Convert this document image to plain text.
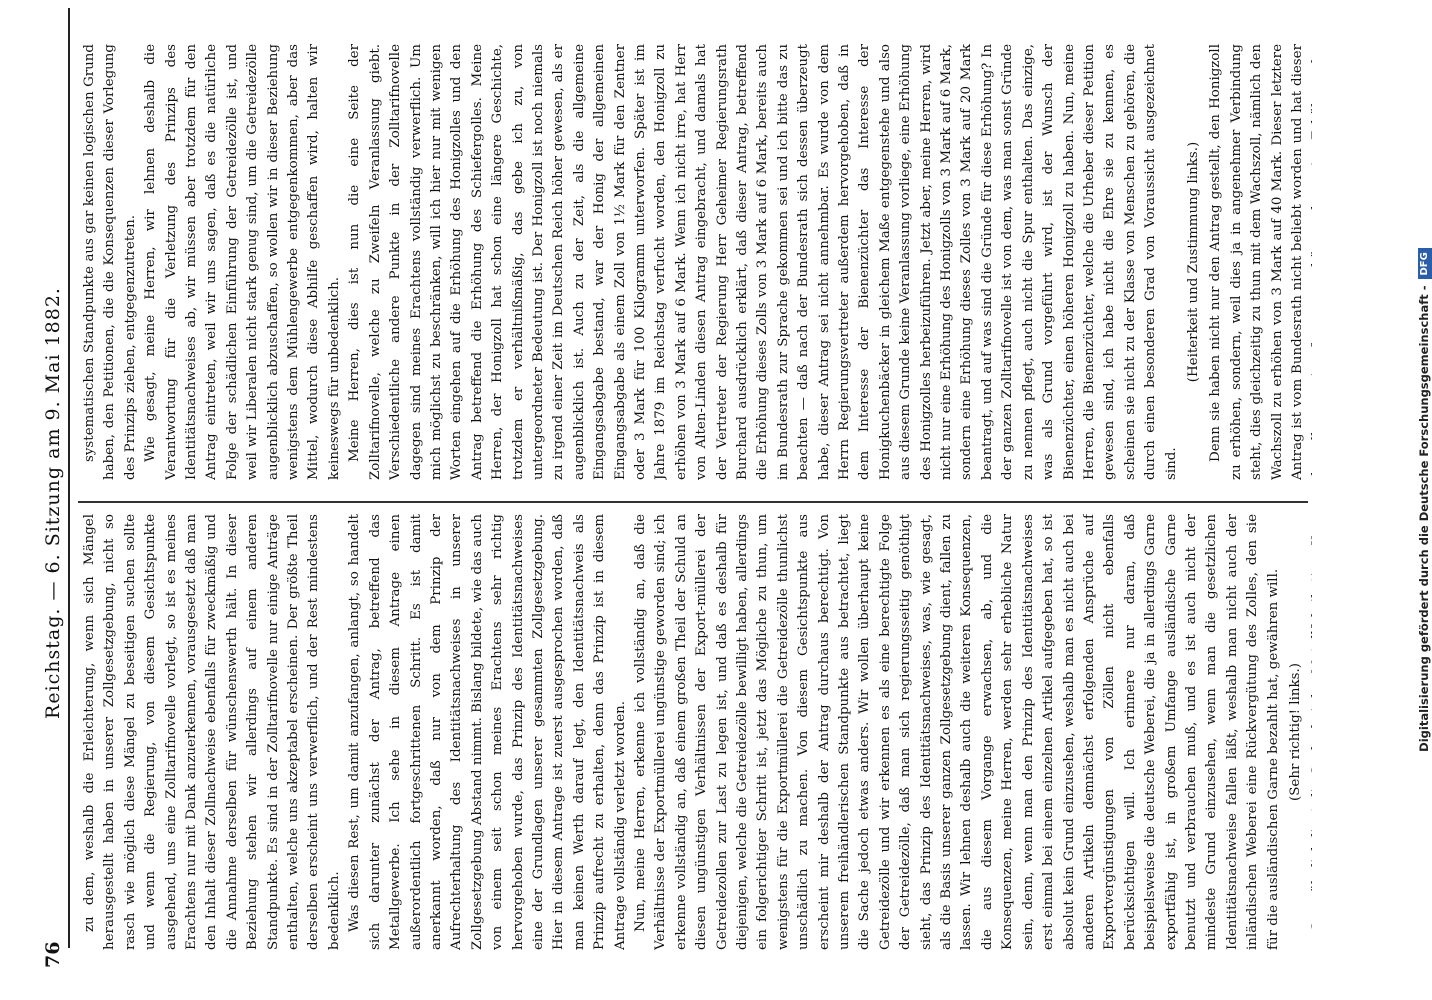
76
Reichstag. — 6. Sitzung am 9. Mai 1882.

zu dem, weshalb die Erleichterung, wenn sich Mängel herausgestellt haben in unserer Zollgesetzgebung, nicht so rasch wie möglich diese Mängel zu beseitigen suchen sollte und wenn die Regierung, von diesem Gesichtspunkte ausgehend, uns eine Zolltarifnovelle vorlegt, so ist es meines Erachtens nur mit Dank anzuerkennen, vorausgesetzt daß man den Inhalt dieser Zollnachweise ebenfalls für zweckmäßig und die Annahme derselben für wünschenswerth hält. In dieser Beziehung stehen wir allerdings auf einem anderen Standpunkte. Es sind in der Zolltarifnovelle nur einige Anträge enthalten, welche uns akzeptabel erscheinen. Der größte Theil derselben erscheint uns verwerflich, und der Rest mindestens bedenklich. Was diesen Rest, um damit anzufangen, anlangt, so handelt sich darunter zunächst der Antrag, betreffend das Metallgewerbe. Ich sehe in diesem Antrage einen außerordentlich fortgeschrittenen Schritt. Es ist damit anerkannt worden, daß nur von dem Prinzip der Aufrechterhaltung des Identitätsnachweises in unserer Zollgesetzgebung Abstand nimmt. Bislang bildete, wie das auch von einem seit schon meines Erachtens sehr richtig hervorgehoben wurde, das Prinzip des Identitätsnachweises eine der Grundlagen unserer gesammten Zollgesetzgebung. Hier in diesem Antrage ist zuerst ausgesprochen worden, daß man keinen Werth darauf legt, den Identitätsnachweis als Prinzip aufrecht zu erhalten, denn das Prinzip ist in diesem Antrage vollständig verletzt worden. Nun, meine Herren, erkenne ich vollständig an, daß die Verhältnisse der Exportmüllerei ungünstige geworden sind; ich erkenne vollständig an, daß einem großen Theil der Schuld an diesen ungünstigen Verhältnissen der Export-müllerei der Getreidezollen zur Last zu legen ist, und daß es deshalb für diejenigen, welche die Getreidezölle bewilligt haben, allerdings ein folgerichtiger Schritt ist, jetzt das Mögliche zu thun, um wenigstens für die Exportmüllerei die Getreidezölle thunlichst unschädlich zu machen. Von diesem Gesichtspunkte aus erscheint mir deshalb der Antrag durchaus berechtigt. Von unserem freihändlerischen Standpunkte aus betrachtet, liegt die Sache jedoch etwas anders. Wir wollen überhaupt keine Getreidezölle und wir erkennen es als eine berechtigte Folge der Getreidezölle, daß man sich regierungsseitig genöthigt sieht, das Prinzip des Identitätsnachweises, was, wie gesagt, als die Basis unserer ganzen Zollgesetzgebung dient, fallen zu lassen. Wir lehnen deshalb auch die weiteren Konsequenzen, die aus diesem Vorgange erwachsen, ab, und die Konsequenzen, meine Herren, werden sehr erhebliche Natur sein, denn, wenn man den Prinzip des Identitätsnachweises erst einmal bei einem einzelnen Artikel aufgegeben hat, so ist absolut kein Grund einzusehen, weshalb man es nicht auch bei anderen Artikeln demnächst erfolgenden Ansprüche auf Exportvergünstigungen von Zöllen nicht ebenfalls berücksichtigen will. Ich erinnere nur daran, daß beispielsweise die deutsche Weberei, die ja in allerdings Garne exportfähig ist, in großem Umfange ausländische Garne benutzt und verbrauchen muß, und es ist auch nicht der mindeste Grund einzusehen, wenn man die gesetzlichen Identitätsnachweise fallen läßt, weshalb man nicht auch der inländischen Weberei eine Rückvergütung des Zolles, den sie für die ausländischen Garne bezahlt hat, gewähren will. (Sehr richtig! links.)

systematischen Standpunkte aus gar keinen logischen Grund haben, den Petitionen, die die Konsequenzen dieser Vorlegung des Prinzips ziehen, entgegenzutreten. Wie gesagt, meine Herren, wir lehnen deshalb die Verantwortung für die Verletzung des Prinzips des Identitätsnachweises ab, wir müssen aber trotzdem für den Antrag eintreten, weil wir uns sagen, daß es die natürliche Folge der schädlichen Einführung der Getreidezölle ist, und weil wir Liberalen nicht stark genug sind, um die Getreidezölle augenblicklich abzuschaffen, so wollen wir in dieser Beziehung wenigstens dem Mühlengewerbe entgegenkommen, aber das Mittel, wodurch diese Abhilfe geschaffen wird, halten wir keineswegs für unbedenklich. Meine Herren, dies ist nun die eine Seite der Zolltarifnovelle, welche zu Zweifeln Veranlassung giebt. Verschiedentliche andere Punkte in der Zolltarifnovelle dagegen sind meines Erachtens vollständig verwerflich. Um mich möglichst zu beschränken, will ich hier nur mit wenigen Worten eingehen auf die Erhöhung des Honigzolles und den Antrag betreffend die Erhöhung des Schiefergolles. Meine Herren, der Honigzoll hat schon eine längere Geschichte, trotzdem er verhältnißmäßig, das gebe ich zu, von untergeordneter Bedeutung ist. Der Honigzoll ist noch niemals zu irgend einer Zeit im Deutschen Reich höher gewesen, als er augenblicklich ist. Auch zu der Zeit, als die allgemeine Eingangsabgabe bestand, war der Honig der allgemeinen Eingangsabgabe als einem Zoll von 1½ Mark für den Zentner oder 3 Mark für 100 Kilogramm unterworfen. Später ist im Jahre 1879 im Reichstag verfucht worden, den Honigzoll zu erhöhen von 3 Mark auf 6 Mark. Wenn ich nicht irre, hat Herr von Alten-Linden diesen Antrag eingebracht, und damals hat der Vertreter der Regierung Herr Geheimer Regierungsrath Burchard ausdrücklich erklärt, daß dieser Antrag, betreffend die Erhöhung dieses Zolls von 3 Mark auf 6 Mark, bereits auch im Bundesrath zur Sprache gekommen sei und ich bitte das zu beachten — daß nach der Bundesrath sich dessen überzeugt habe, dieser Antrag sei nicht annehmbar. Es wurde von dem Herrn Regierungsvertreter außerdem hervorgehoben, daß in dem Interesse der Bienenzüchter das Interesse der Honigkuchenbäcker in gleichem Maße entgegenstehe und also aus diesem Grunde keine Veranlassung vorliege, eine Erhöhung des Honigzolles herbeizuführen. Jetzt aber, meine Herren, wird nicht nur eine Erhöhung des Honigzolls von 3 Mark auf 6 Mark, sondern eine Erhöhung dieses Zolles von 3 Mark auf 20 Mark beantragt, und auf was sind die Gründe für diese Erhöhung? In der ganzen Zolltarifnovelle ist von dem, was man sonst Gründe zu nennen pflegt, auch nicht die Spur enthalten. Das einzige, was als Grund vorgeführt wird, ist der Wunsch der Bienenzüchter, einen höheren Honigzoll zu haben. Nun, meine Herren, die Bienenzüchter, welche die Urheber dieser Petition gewesen sind, ich habe nicht die Ehre sie zu kennen, es scheinen sie nicht zu der Klasse von Menschen zu gehören, die durch einen besonderen Grad von Voraussicht ausgezeichnet sind.

(Heiterkeit und Zustimmung links.)

Denn sie haben nicht nur den Antrag gestellt, den Honigzoll zu erhöhen, sondern, weil dies ja in angenehmer Verbindung steht, dies gleichzeitig zu thun mit dem Wachszoll, nämlich den Wachszoll zu erhöhen von 3 Mark auf 40 Mark. Dieser letztere Antrag ist vom Bundesrath nicht beliebt worden und hat dieser

Digitalisierung gefördert durch die Deutsche Forschungsgemeinschaft -DFG
